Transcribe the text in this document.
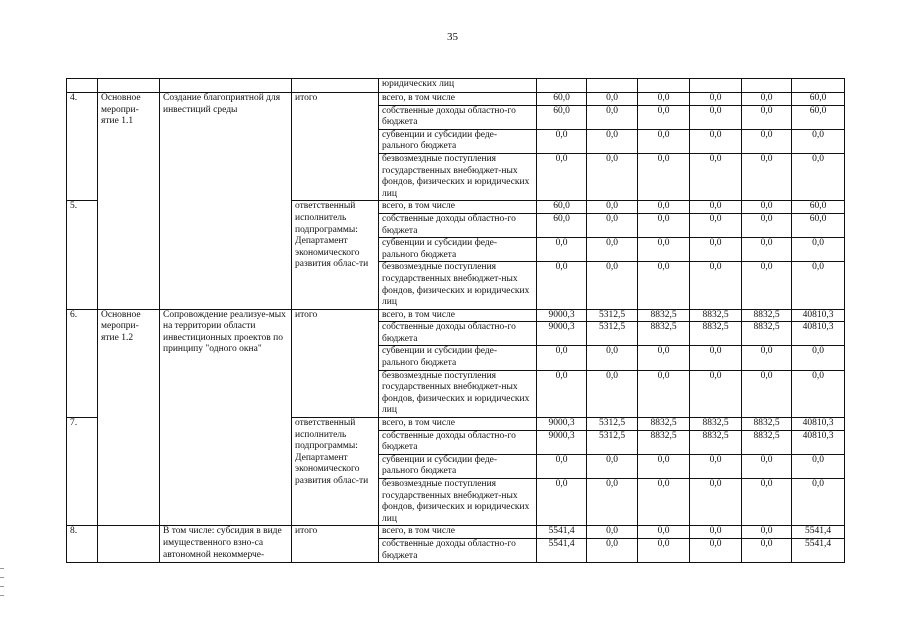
35
				юридических лиц						
4.	Основное меропри-ятие 1.1	Создание благоприятной для инвестиций среды	итого	всего, в том числе	60,0	0,0	0,0	0,0	0,0	60,0
				собственные доходы областно-го бюджета	60,0	0,0	0,0	0,0	0,0	60,0
				субвенции и субсидии феде-рального бюджета	0,0	0,0	0,0	0,0	0,0	0,0
				безвозмездные поступления государственных внебюджет-ных фондов, физических и юридических лиц	0,0	0,0	0,0	0,0	0,0	0,0
5.			ответственный исполнитель подпрограммы: Департамент экономического развития облас-ти	всего, в том числе	60,0	0,0	0,0	0,0	0,0	60,0
				собственные доходы областно-го бюджета	60,0	0,0	0,0	0,0	0,0	60,0
				субвенции и субсидии феде-рального бюджета	0,0	0,0	0,0	0,0	0,0	0,0
				безвозмездные поступления государственных внебюджет-ных фондов, физических и юридических лиц	0,0	0,0	0,0	0,0	0,0	0,0
6.	Основное меропри-ятие 1.2	Сопровождение реализуе-мых на территории области инвестиционных проектов по принципу "одного окна"	итого	всего, в том числе	9000,3	5312,5	8832,5	8832,5	8832,5	40810,3
				собственные доходы областно-го бюджета	9000,3	5312,5	8832,5	8832,5	8832,5	40810,3
				субвенции и субсидии феде-рального бюджета	0,0	0,0	0,0	0,0	0,0	0,0
				безвозмездные поступления государственных внебюджет-ных фондов, физических и юридических лиц	0,0	0,0	0,0	0,0	0,0	0,0
7.			ответственный исполнитель подпрограммы: Департамент экономического развития облас-ти	всего, в том числе	9000,3	5312,5	8832,5	8832,5	8832,5	40810,3
				собственные доходы областно-го бюджета	9000,3	5312,5	8832,5	8832,5	8832,5	40810,3
				субвенции и субсидии феде-рального бюджета	0,0	0,0	0,0	0,0	0,0	0,0
				безвозмездные поступления государственных внебюджет-ных фондов, физических и юридических лиц	0,0	0,0	0,0	0,0	0,0	0,0
8.		В том числе: субсидия в виде имущественного взно-са автономной некоммерче-	итого	всего, в том числе	5541,4	0,0	0,0	0,0	0,0	5541,4
				собственные доходы областно-го бюджета	5541,4	0,0	0,0	0,0	0,0	5541,4
